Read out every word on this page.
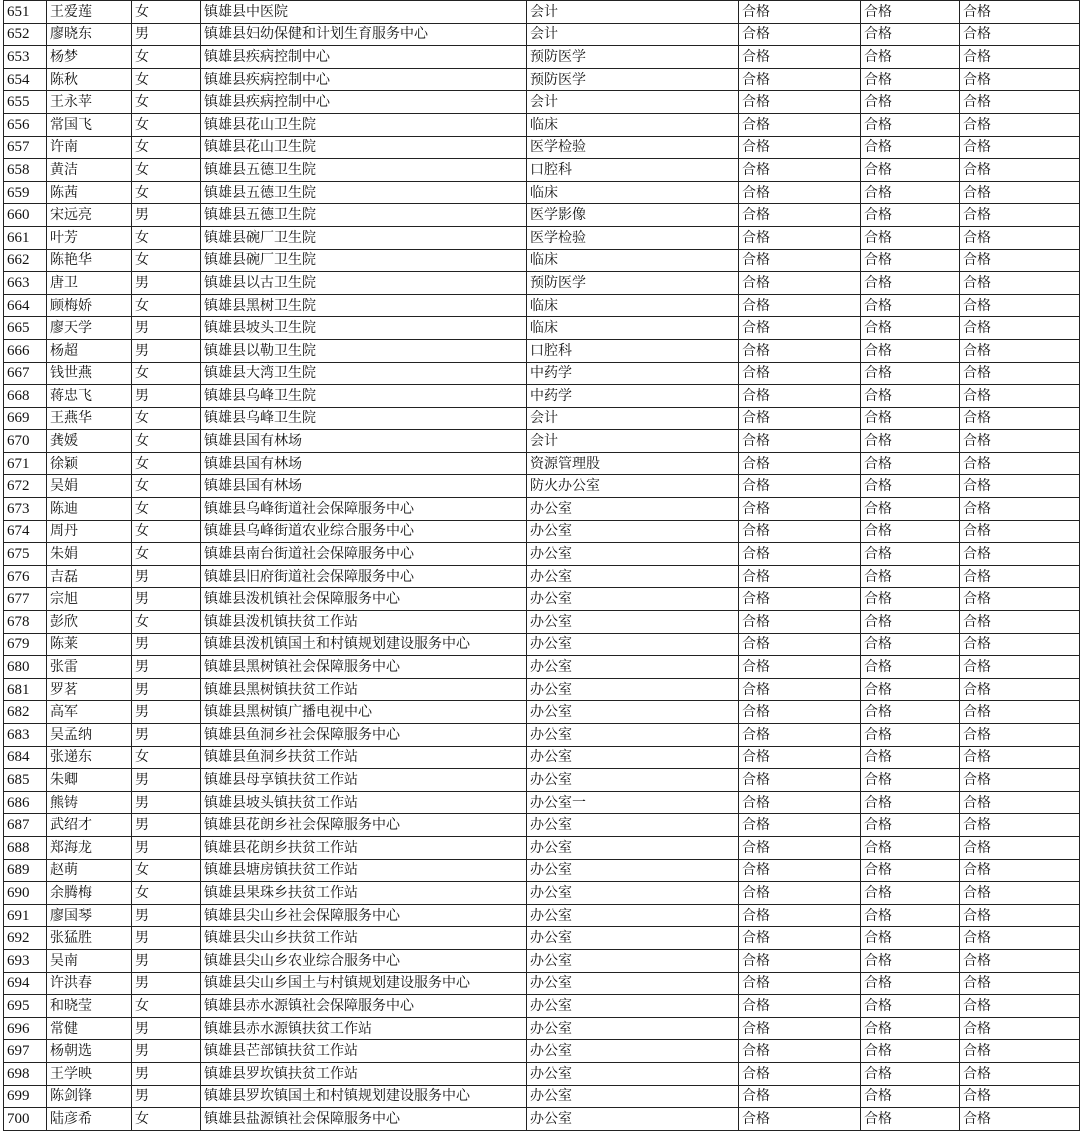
651	王爱莲	女	镇雄县中医院	会计	合格	合格	合格
652	廖晓东	男	镇雄县妇幼保健和计划生育服务中心	会计	合格	合格	合格
653	杨梦	女	镇雄县疾病控制中心	预防医学	合格	合格	合格
654	陈秋	女	镇雄县疾病控制中心	预防医学	合格	合格	合格
655	王永苹	女	镇雄县疾病控制中心	会计	合格	合格	合格
656	常国飞	女	镇雄县花山卫生院	临床	合格	合格	合格
657	许南	女	镇雄县花山卫生院	医学检验	合格	合格	合格
658	黄洁	女	镇雄县五德卫生院	口腔科	合格	合格	合格
659	陈茜	女	镇雄县五德卫生院	临床	合格	合格	合格
660	宋远亮	男	镇雄县五德卫生院	医学影像	合格	合格	合格
661	叶芳	女	镇雄县碗厂卫生院	医学检验	合格	合格	合格
662	陈艳华	女	镇雄县碗厂卫生院	临床	合格	合格	合格
663	唐卫	男	镇雄县以古卫生院	预防医学	合格	合格	合格
664	顾梅娇	女	镇雄县黑树卫生院	临床	合格	合格	合格
665	廖天学	男	镇雄县坡头卫生院	临床	合格	合格	合格
666	杨超	男	镇雄县以勒卫生院	口腔科	合格	合格	合格
667	钱世燕	女	镇雄县大湾卫生院	中药学	合格	合格	合格
668	蒋忠飞	男	镇雄县乌峰卫生院	中药学	合格	合格	合格
669	王燕华	女	镇雄县乌峰卫生院	会计	合格	合格	合格
670	龚媛	女	镇雄县国有林场	会计	合格	合格	合格
671	徐颖	女	镇雄县国有林场	资源管理股	合格	合格	合格
672	吴娟	女	镇雄县国有林场	防火办公室	合格	合格	合格
673	陈迪	女	镇雄县乌峰街道社会保障服务中心	办公室	合格	合格	合格
674	周丹	女	镇雄县乌峰街道农业综合服务中心	办公室	合格	合格	合格
675	朱娟	女	镇雄县南台街道社会保障服务中心	办公室	合格	合格	合格
676	吉磊	男	镇雄县旧府街道社会保障服务中心	办公室	合格	合格	合格
677	宗旭	男	镇雄县泼机镇社会保障服务中心	办公室	合格	合格	合格
678	彭欣	女	镇雄县泼机镇扶贫工作站	办公室	合格	合格	合格
679	陈莱	男	镇雄县泼机镇国土和村镇规划建设服务中心	办公室	合格	合格	合格
680	张雷	男	镇雄县黑树镇社会保障服务中心	办公室	合格	合格	合格
681	罗茗	男	镇雄县黑树镇扶贫工作站	办公室	合格	合格	合格
682	高军	男	镇雄县黑树镇广播电视中心	办公室	合格	合格	合格
683	吴孟纳	男	镇雄县鱼洞乡社会保障服务中心	办公室	合格	合格	合格
684	张递东	女	镇雄县鱼洞乡扶贫工作站	办公室	合格	合格	合格
685	朱卿	男	镇雄县母享镇扶贫工作站	办公室	合格	合格	合格
686	熊铸	男	镇雄县坡头镇扶贫工作站	办公室一	合格	合格	合格
687	武绍才	男	镇雄县花朗乡社会保障服务中心	办公室	合格	合格	合格
688	郑海龙	男	镇雄县花朗乡扶贫工作站	办公室	合格	合格	合格
689	赵萌	女	镇雄县塘房镇扶贫工作站	办公室	合格	合格	合格
690	余腾梅	女	镇雄县果珠乡扶贫工作站	办公室	合格	合格	合格
691	廖国琴	男	镇雄县尖山乡社会保障服务中心	办公室	合格	合格	合格
692	张猛胜	男	镇雄县尖山乡扶贫工作站	办公室	合格	合格	合格
693	吴南	男	镇雄县尖山乡农业综合服务中心	办公室	合格	合格	合格
694	许洪春	男	镇雄县尖山乡国土与村镇规划建设服务中心	办公室	合格	合格	合格
695	和晓莹	女	镇雄县赤水源镇社会保障服务中心	办公室	合格	合格	合格
696	常健	男	镇雄县赤水源镇扶贫工作站	办公室	合格	合格	合格
697	杨朝选	男	镇雄县芒部镇扶贫工作站	办公室	合格	合格	合格
698	王学映	男	镇雄县罗坎镇扶贫工作站	办公室	合格	合格	合格
699	陈剑锋	男	镇雄县罗坎镇国土和村镇规划建设服务中心	办公室	合格	合格	合格
700	陆彦希	女	镇雄县盐源镇社会保障服务中心	办公室	合格	合格	合格
